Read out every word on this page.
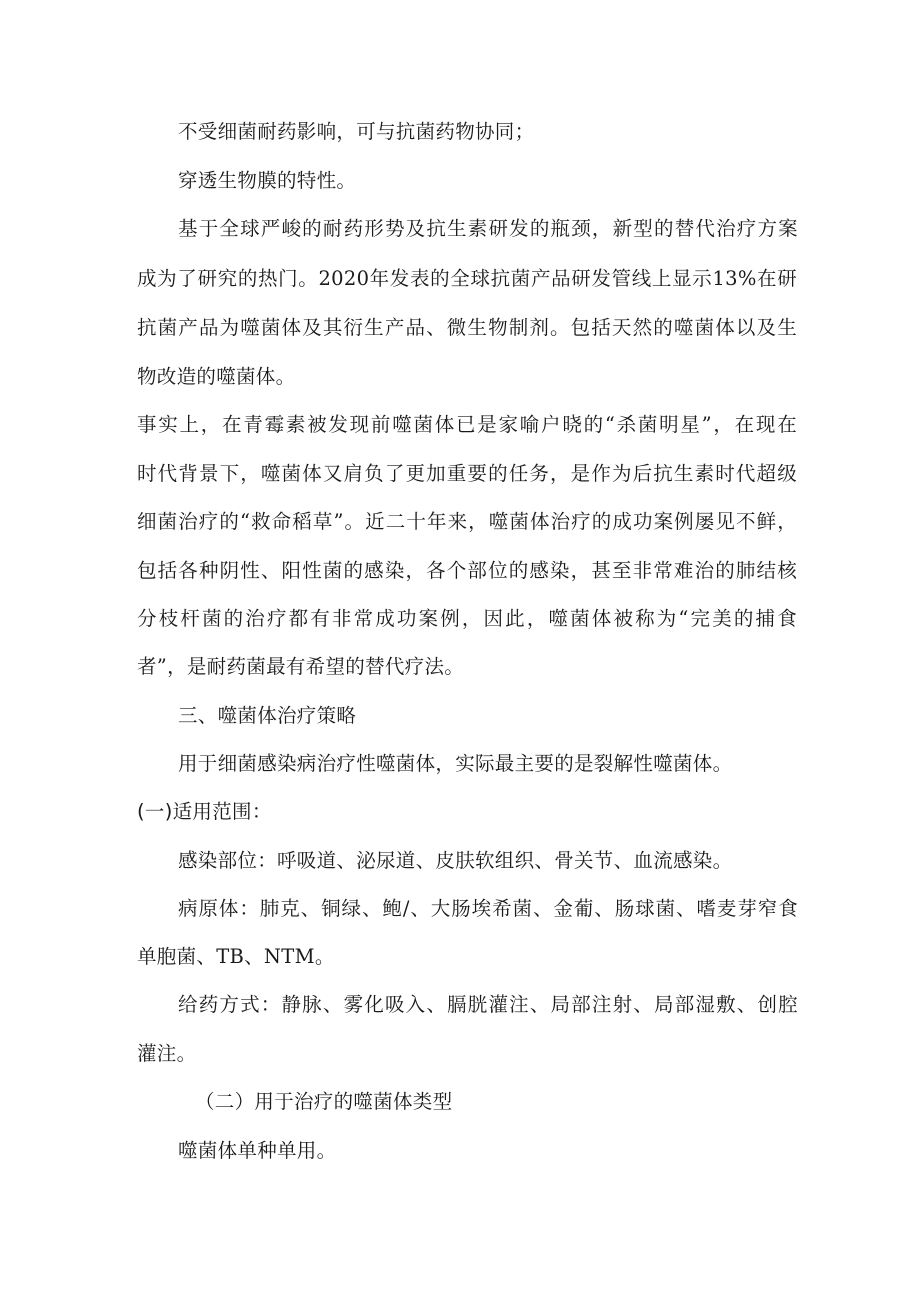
不受细菌耐药影响，可与抗菌药物协同；
穿透生物膜的特性。
基于全球严峻的耐药形势及抗生素研发的瓶颈，新型的替代治疗方案
成为了研究的热门。2020年发表的全球抗菌产品研发管线上显示13%在研
抗菌产品为噬菌体及其衍生产品、微生物制剂。包括天然的噬菌体以及生
物改造的噬菌体。
事实上，在青霉素被发现前噬菌体已是家喻户晓的“杀菌明星”，在现在
时代背景下，噬菌体又肩负了更加重要的任务，是作为后抗生素时代超级
细菌治疗的“救命稻草”。近二十年来，噬菌体治疗的成功案例屡见不鲜，
包括各种阴性、阳性菌的感染，各个部位的感染，甚至非常难治的肺结核
分枝杆菌的治疗都有非常成功案例，因此，噬菌体被称为“完美的捕食
者”，是耐药菌最有希望的替代疗法。
三、噬菌体治疗策略
用于细菌感染病治疗性噬菌体，实际最主要的是裂解性噬菌体。
(一)适用范围：
感染部位：呼吸道、泌尿道、皮肤软组织、骨关节、血流感染。
病原体：肺克、铜绿、鲍/、大肠埃希菌、金葡、肠球菌、嗜麦芽窄食
单胞菌、TB、NTM。
给药方式：静脉、雾化吸入、膈胱灌注、局部注射、局部湿敷、创腔
灌注。
（二）用于治疗的噬菌体类型
噬菌体单种单用。
